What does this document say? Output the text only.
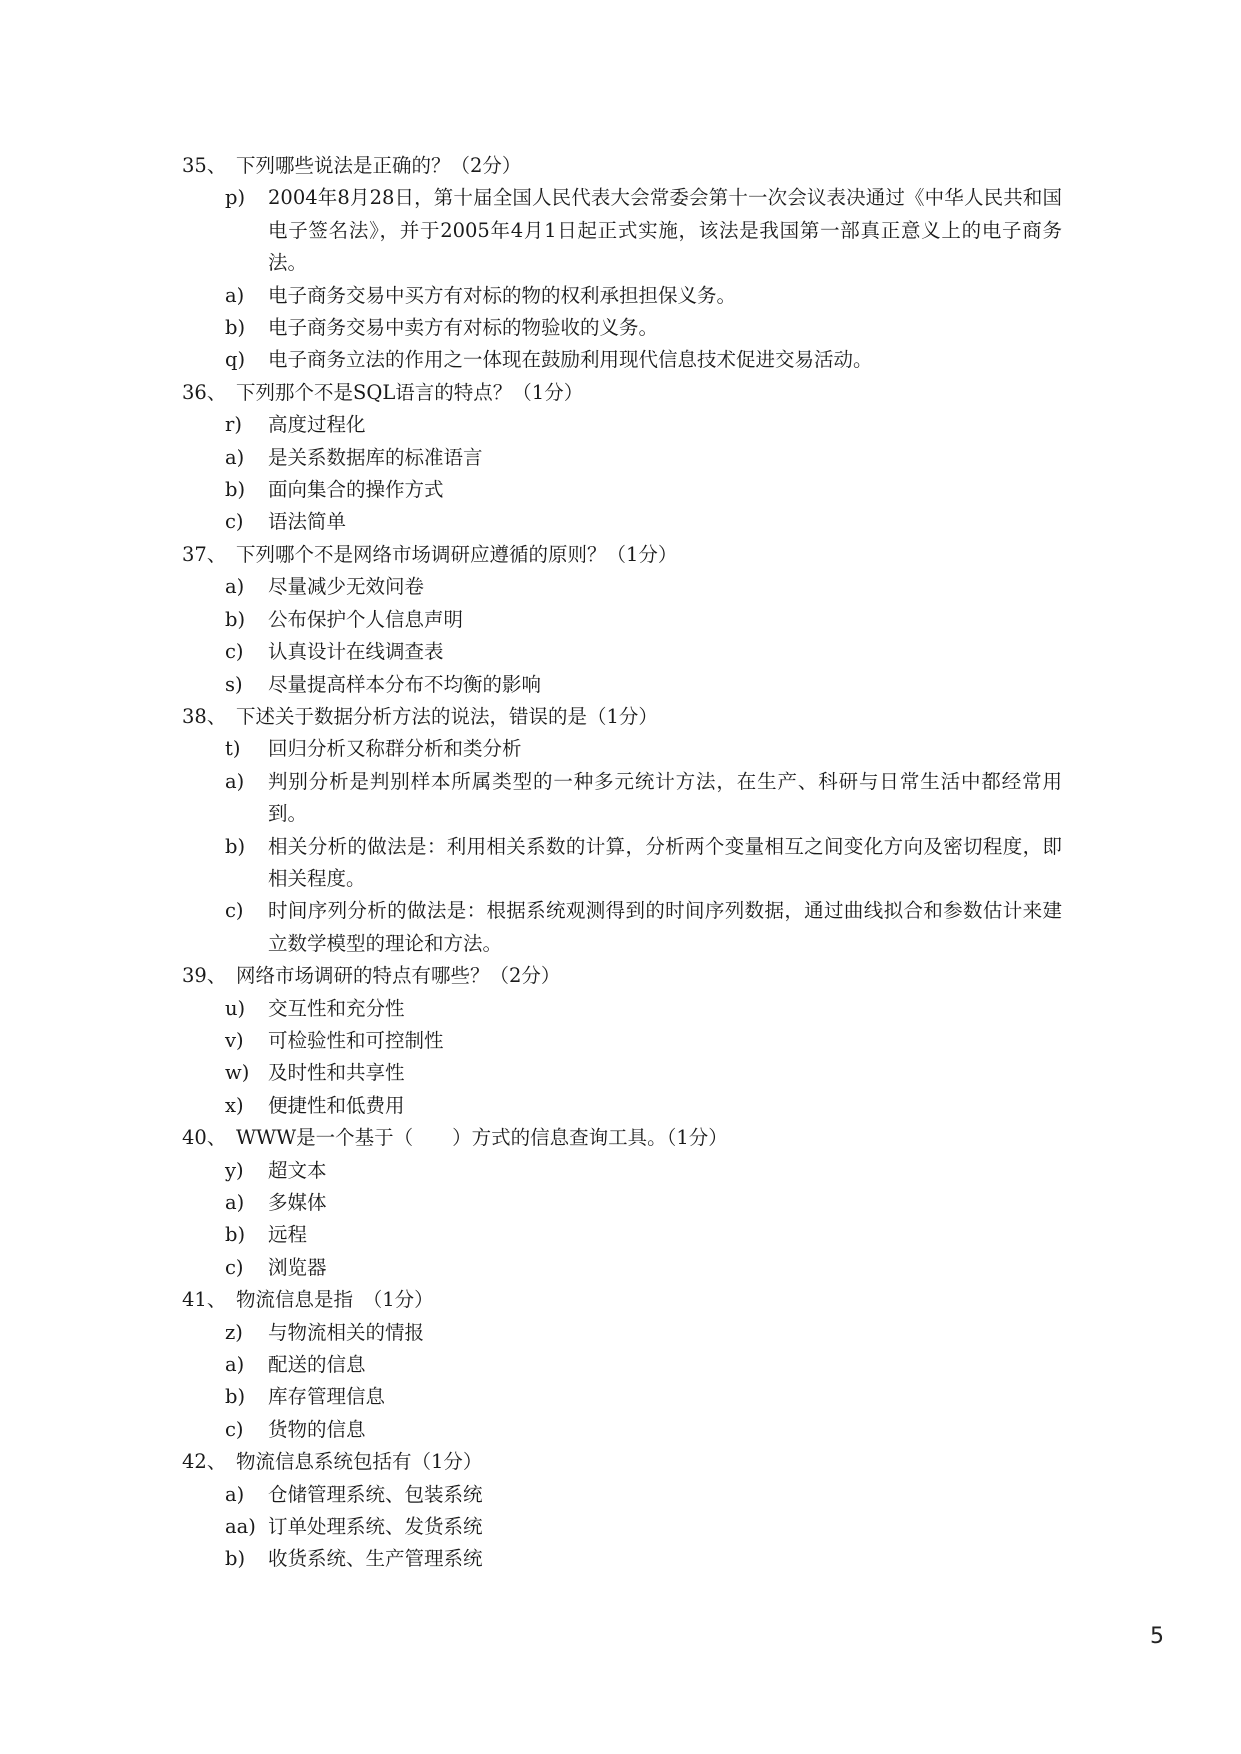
35、 下列哪些说法是正确的？（2分）
p)	2004年8月28日，第十届全国人民代表大会常委会第十一次会议表决通过《中华人民共和国电子签名法》，并于2005年4月1日起正式实施，该法是我国第一部真正意义上的电子商务法。
a)	电子商务交易中买方有对标的物的权利承担担保义务。
b)	电子商务交易中卖方有对标的物验收的义务。
q)	电子商务立法的作用之一体现在鼓励利用现代信息技术促进交易活动。
36、 下列那个不是SQL语言的特点？（1分）
r)	高度过程化
a)	是关系数据库的标准语言
b)	面向集合的操作方式
c)	语法简单
37、 下列哪个不是网络市场调研应遵循的原则？（1分）
a)	尽量减少无效问卷
b)	公布保护个人信息声明
c)	认真设计在线调查表
s)	尽量提高样本分布不均衡的影响
38、 下述关于数据分析方法的说法，错误的是（1分）
t)	回归分析又称群分析和类分析
a)	判别分析是判别样本所属类型的一种多元统计方法，在生产、科研与日常生活中都经常用到。
b)	相关分析的做法是：利用相关系数的计算，分析两个变量相互之间变化方向及密切程度，即相关程度。
c)	时间序列分析的做法是：根据系统观测得到的时间序列数据，通过曲线拟合和参数估计来建立数学模型的理论和方法。
39、 网络市场调研的特点有哪些？（2分）
u)	交互性和充分性
v)	可检验性和可控制性
w) 及时性和共享性
x)	便捷性和低费用
40、 WWW是一个基于（　　）方式的信息查询工具。（1分）
y)	超文本
a)	多媒体
b)	远程
c)	浏览器
41、 物流信息是指　（1分）
z)	与物流相关的情报
a)	配送的信息
b)	库存管理信息
c)	货物的信息
42、 物流信息系统包括有（1分）
a)	仓储管理系统、包装系统
aa) 订单处理系统、发货系统
b)	收货系统、生产管理系统
5
